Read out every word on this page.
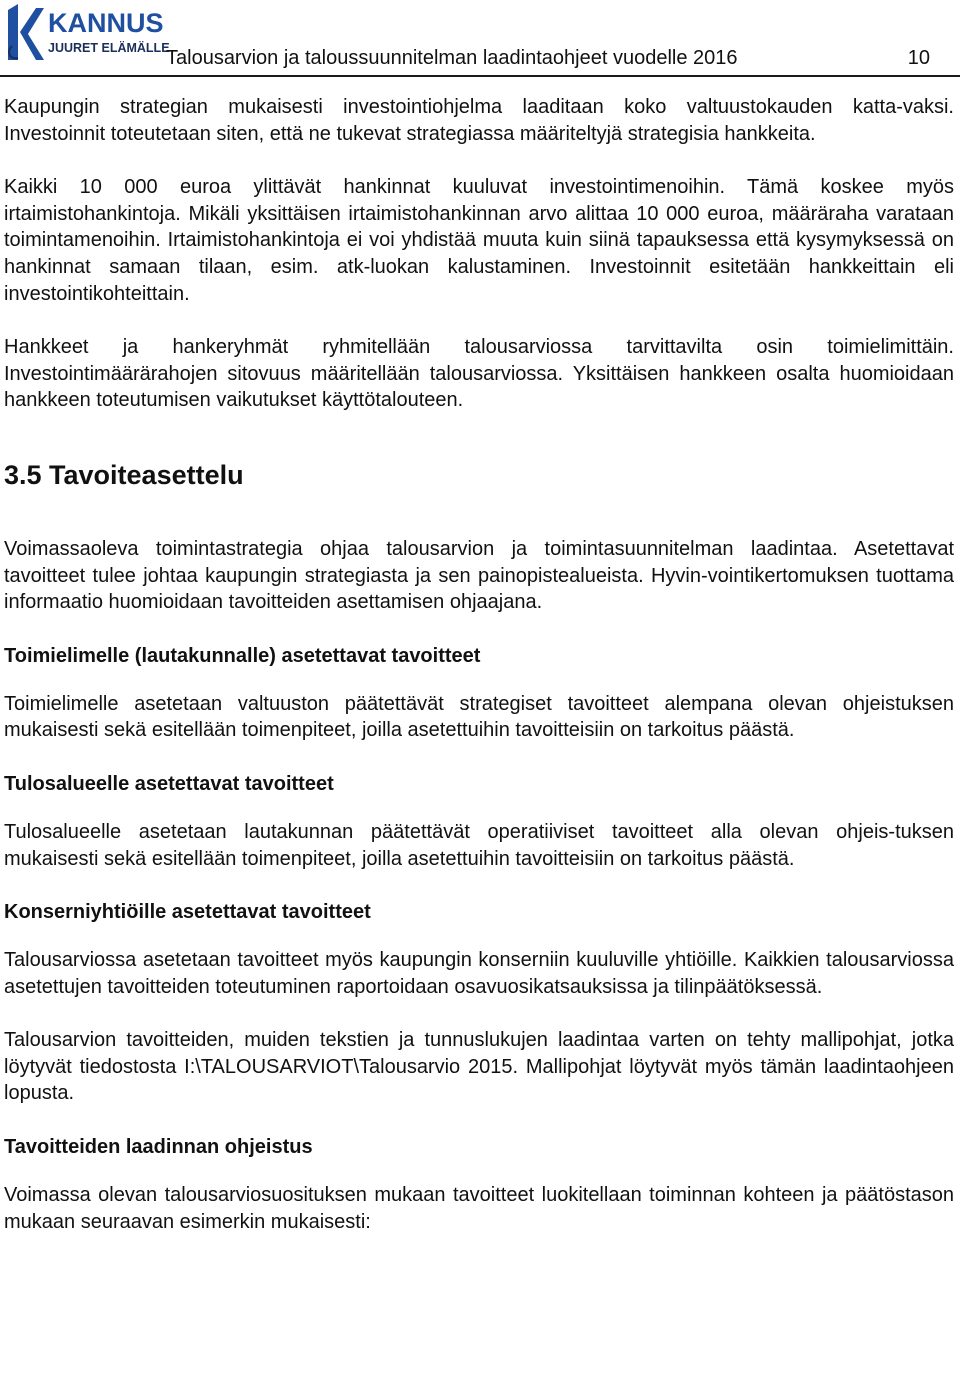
KANNUS
JUURET ELÄMÄLLE
Talousarvion ja taloussuunnitelman laadintaohjeet vuodelle 2016	10

Kaupungin strategian mukaisesti investointiohjelma laaditaan koko valtuustokauden katta-vaksi. Investoinnit toteutetaan siten, että ne tukevat strategiassa määriteltyjä strategisia hankkeita.

Kaikki 10 000 euroa ylittävät hankinnat kuuluvat investointimenoihin. Tämä koskee myös irtaimistohankintoja. Mikäli yksittäisen irtaimistohankinnan arvo alittaa 10 000 euroa, määräraha varataan toimintamenoihin. Irtaimistohankintoja ei voi yhdistää muuta kuin siinä tapauksessa että kysymyksessä on hankinnat samaan tilaan, esim. atk-luokan kalustaminen. Investoinnit esitetään hankkeittain eli investointikohteittain.

Hankkeet ja hankeryhmät ryhmitellään talousarviossa tarvittavilta osin toimielimittäin. Investointimäärärahojen sitovuus määritellään talousarviossa. Yksittäisen hankkeen osalta huomioidaan hankkeen toteutumisen vaikutukset käyttötalouteen.

3.5 Tavoiteasettelu

Voimassaoleva toimintastrategia ohjaa talousarvion ja toimintasuunnitelman laadintaa. Asetettavat tavoitteet tulee johtaa kaupungin strategiasta ja sen painopistealueista. Hyvin-vointikertomuksen tuottama informaatio huomioidaan tavoitteiden asettamisen ohjaajana.

Toimielimelle (lautakunnalle) asetettavat tavoitteet

Toimielimelle asetetaan valtuuston päätettävät strategiset tavoitteet alempana olevan ohjeistuksen mukaisesti sekä esitellään toimenpiteet, joilla asetettuihin tavoitteisiin on tarkoitus päästä.

Tulosalueelle asetettavat tavoitteet

Tulosalueelle asetetaan lautakunnan päätettävät operatiiviset tavoitteet alla olevan ohjeis-tuksen mukaisesti sekä esitellään toimenpiteet, joilla asetettuihin tavoitteisiin on tarkoitus päästä.

Konserniyhtiöille asetettavat tavoitteet

Talousarviossa asetetaan tavoitteet myös kaupungin konserniin kuuluville yhtiöille. Kaikkien talousarviossa asetettujen tavoitteiden toteutuminen raportoidaan osavuosikatsauksissa ja tilinpäätöksessä.

Talousarvion tavoitteiden, muiden tekstien ja tunnuslukujen laadintaa varten on tehty mallipohjat, jotka löytyvät tiedostosta I:\TALOUSARVIOT\Talousarvio 2015. Mallipohjat löytyvät myös tämän laadintaohjeen lopusta.

Tavoitteiden laadinnan ohjeistus

Voimassa olevan talousarviosuosituksen mukaan tavoitteet luokitellaan toiminnan kohteen ja päätöstason mukaan seuraavan esimerkin mukaisesti:
